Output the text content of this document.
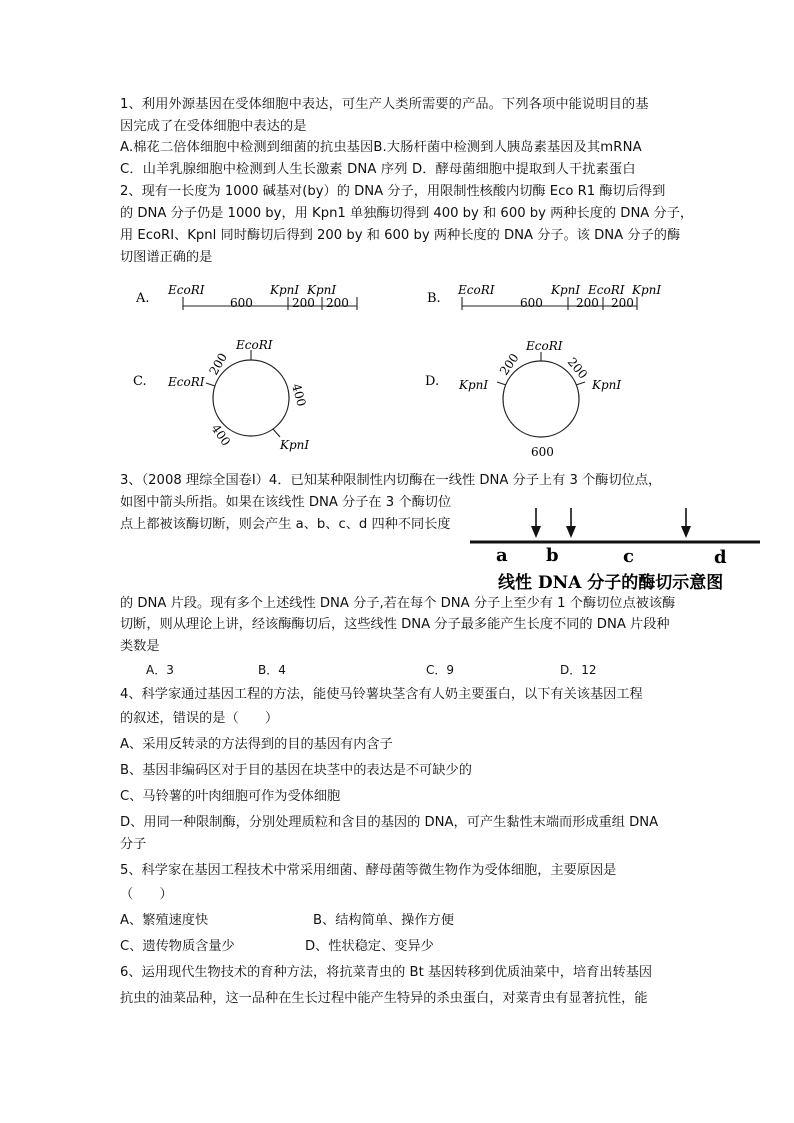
1、利用外源基因在受体细胞中表达，可生产人类所需要的产品。下列各项中能说明目的基
因完成了在受体细胞中表达的是
A.棉花二倍体细胞中检测到细菌的抗虫基因B.大肠杆菌中检测到人胰岛素基因及其mRNA
C．山羊乳腺细胞中检测到人生长激素 DNA 序列 D．酵母菌细胞中提取到人干扰素蛋白
2、现有一长度为 1000 碱基对(by）的 DNA 分子，用限制性核酸内切酶 Eco R1 酶切后得到
的 DNA 分子仍是 1000 by，用 Kpn1 单独酶切得到 400 by 和 600 by 两种长度的 DNA 分子，
用 EcoRI、Kpnl 同时酶切后得到 200 by 和 600 by 两种长度的 DNA 分子。该 DNA 分子的酶
切图谱正确的是
A.
EcoRI	KpnI KpnI
600	200 200	B.
EcoRI	KpnI EcoRI KpnI
600	200 200
C.
EcoRI
EcoRI
KpnI
200
400
400
D.
EcoRI
KpnI	KpnI
200	200
600
3、（2008 理综全国卷Ⅰ）4．已知某种限制性内切酶在一线性 DNA 分子上有 3 个酶切位点，
如图中箭头所指。如果在该线性 DNA 分子在 3 个酶切位
点上都被该酶切断，则会产生 a、b、c、d 四种不同长度
a b	c	d
线性 DNA 分子的酶切示意图
的 DNA 片段。现有多个上述线性 DNA 分子,若在每个 DNA 分子上至少有 1 个酶切位点被该酶
切断，则从理论上讲，经该酶酶切后，这些线性 DNA 分子最多能产生长度不同的 DNA 片段种
类数是
A．3	B．4	C．9	D．12
4、科学家通过基因工程的方法，能使马铃薯块茎含有人奶主要蛋白，以下有关该基因工程
的叙述，错误的是（　　）
A、采用反转录的方法得到的目的基因有内含子
B、基因非编码区对于目的基因在块茎中的表达是不可缺少的
C、马铃薯的叶肉细胞可作为受体细胞
D、用同一种限制酶，分别处理质粒和含目的基因的 DNA，可产生黏性末端而形成重组 DNA
分子
5、科学家在基因工程技术中常采用细菌、酵母菌等微生物作为受体细胞，主要原因是
（　　）
A、繁殖速度快	B、结构简单、操作方便
C、遗传物质含量少	D、性状稳定、变异少
6、运用现代生物技术的育种方法，将抗菜青虫的 Bt 基因转移到优质油菜中，培育出转基因
抗虫的油菜品种，这一品种在生长过程中能产生特异的杀虫蛋白，对菜青虫有显著抗性，能
